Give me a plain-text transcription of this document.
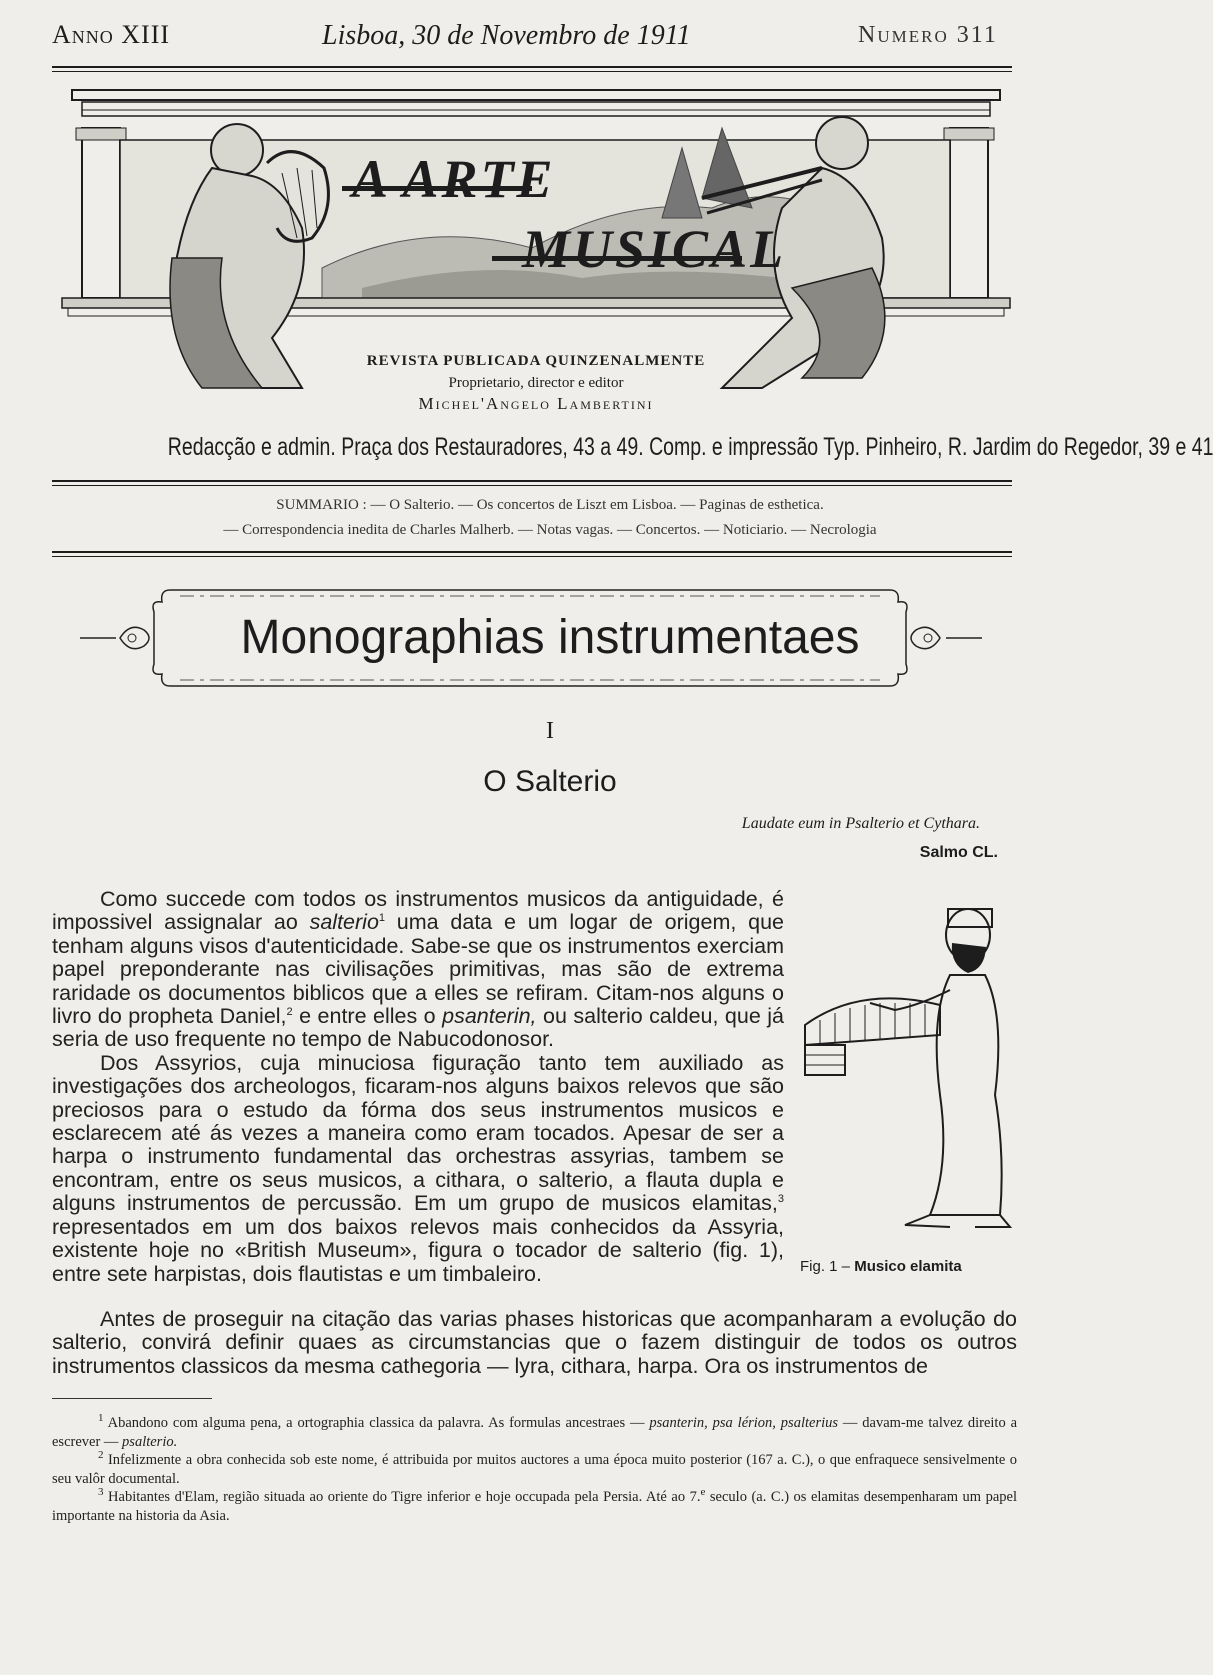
Anno XIII	Lisboa, 30 de Novembro de 1911	Numero 311
A ARTE
MUSICAL
REVISTA PUBLICADA QUINZENALMENTE
Proprietario, director e editor
Michel'Angelo Lambertini
Redacção e admin. Praça dos Restauradores, 43 a 49. Comp. e impressão Typ. Pinheiro, R. Jardim do Regedor, 39 e 41
SUMMARIO : — O Salterio. — Os concertos de Liszt em Lisboa. — Paginas de esthetica.
— Correspondencia inedita de Charles Malherb. — Notas vagas. — Concertos. — Noticiario. — Necrologia
Monographias instrumentaes
I
O Salterio
Laudate eum in Psalterio et Cythara.
Salmo CL.

Como succede com todos os instrumentos musicos da antiguidade, é impossivel assignalar ao salterio$^1$ uma data e um logar de origem, que tenham alguns visos d'autenticidade. Sabe-se que os instrumentos exerciam papel preponderante nas civilisações primitivas, mas são de extrema raridade os documentos biblicos que a elles se refiram. Citam-nos alguns o livro do propheta Daniel,$^2$ e entre elles o psanterin, ou salterio caldeu, que já seria de uso frequente no tempo de Nabucodonosor.

Dos Assyrios, cuja minuciosa figuração tanto tem auxiliado as investigações dos archeologos, ficaram-nos alguns baixos relevos que são preciosos para o estudo da fórma dos seus instrumentos musicos e esclarecem até ás vezes a maneira como eram tocados. Apesar de ser a harpa o instrumento fundamental das orchestras assyrias, tambem se encontram, entre os seus musicos, a cithara, o salterio, a flauta dupla e alguns instrumentos de percussão. Em um grupo de musicos elamitas,$^3$ representados em um dos baixos relevos mais conhecidos da Assyria, existente hoje no «British Museum», figura o tocador de salterio (fig. 1), entre sete harpistas, dois flautistas e um timbaleiro.	Fig. 1 – Musico elamita

Antes de proseguir na citação das varias phases historicas que acompanharam a evolução do salterio, convirá definir quaes as circumstancias que o fazem distinguir de todos os outros instrumentos classicos da mesma cathegoria — lyra, cithara, harpa. Ora os instrumentos de

$^1$ Abandono com alguma pena, a ortographia classica da palavra. As formulas ancestraes — psanterin, psa lérion, psalterius — davam-me talvez direito a escrever — psalterio.

$^2$ Infelizmente a obra conhecida sob este nome, é attribuida por muitos auctores a uma época muito posterior (167 a. C.), o que enfraquece sensivelmente o seu valôr documental.

$^3$ Habitantes d'Elam, região situada ao oriente do Tigre inferior e hoje occupada pela Persia. Até ao 7.$^e$ seculo (a. C.) os elamitas desempenharam um papel importante na historia da Asia.
